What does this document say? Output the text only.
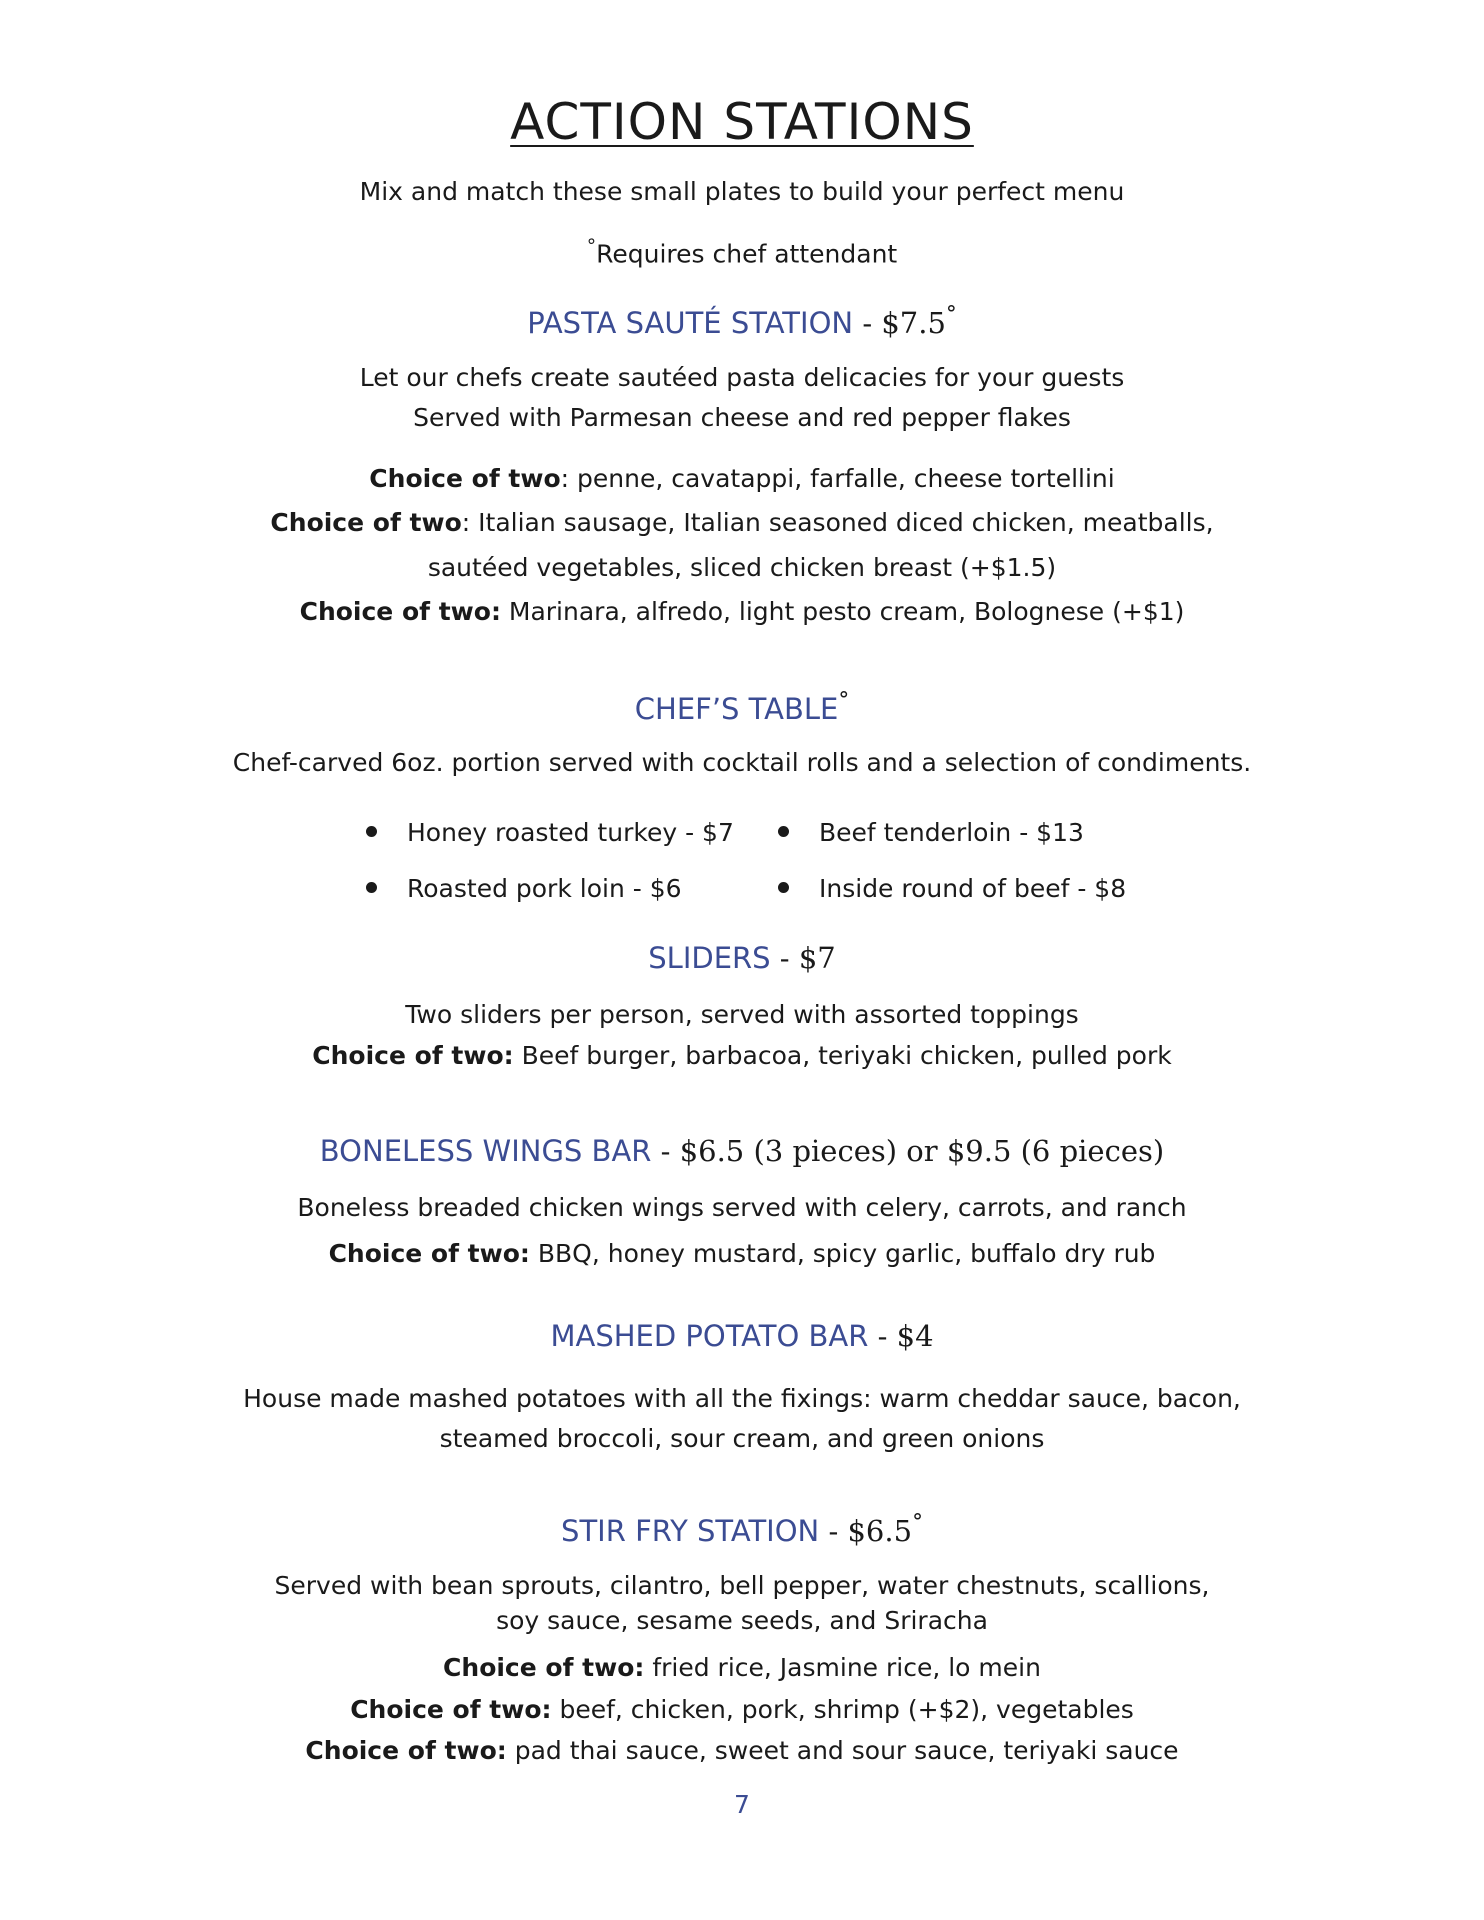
ACTION STATIONS
Mix and match these small plates to build your perfect menu
°Requires chef attendant
PASTA SAUTÉ STATION - $7.5°
Let our chefs create sautéed pasta delicacies for your guests
Served with Parmesan cheese and red pepper flakes
Choice of two: penne, cavatappi, farfalle, cheese tortellini
Choice of two: Italian sausage, Italian seasoned diced chicken, meatballs,
sautéed vegetables, sliced chicken breast (+$1.5)
Choice of two: Marinara, alfredo, light pesto cream, Bolognese (+$1)
CHEF’S TABLE°
Chef-carved 6oz. portion served with cocktail rolls and a selection of condiments.
Honey roasted turkey - $7	Beef tenderloin - $13
Roasted pork loin - $6	Inside round of beef - $8
SLIDERS - $7
Two sliders per person, served with assorted toppings
Choice of two: Beef burger, barbacoa, teriyaki chicken, pulled pork
BONELESS WINGS BAR - $6.5 (3 pieces) or $9.5 (6 pieces)
Boneless breaded chicken wings served with celery, carrots, and ranch
Choice of two: BBQ, honey mustard, spicy garlic, buffalo dry rub
MASHED POTATO BAR - $4
House made mashed potatoes with all the fixings: warm cheddar sauce, bacon,
steamed broccoli, sour cream, and green onions
STIR FRY STATION - $6.5°
Served with bean sprouts, cilantro, bell pepper, water chestnuts, scallions,
soy sauce, sesame seeds, and Sriracha
Choice of two: fried rice, Jasmine rice, lo mein
Choice of two: beef, chicken, pork, shrimp (+$2), vegetables
Choice of two: pad thai sauce, sweet and sour sauce, teriyaki sauce
7
